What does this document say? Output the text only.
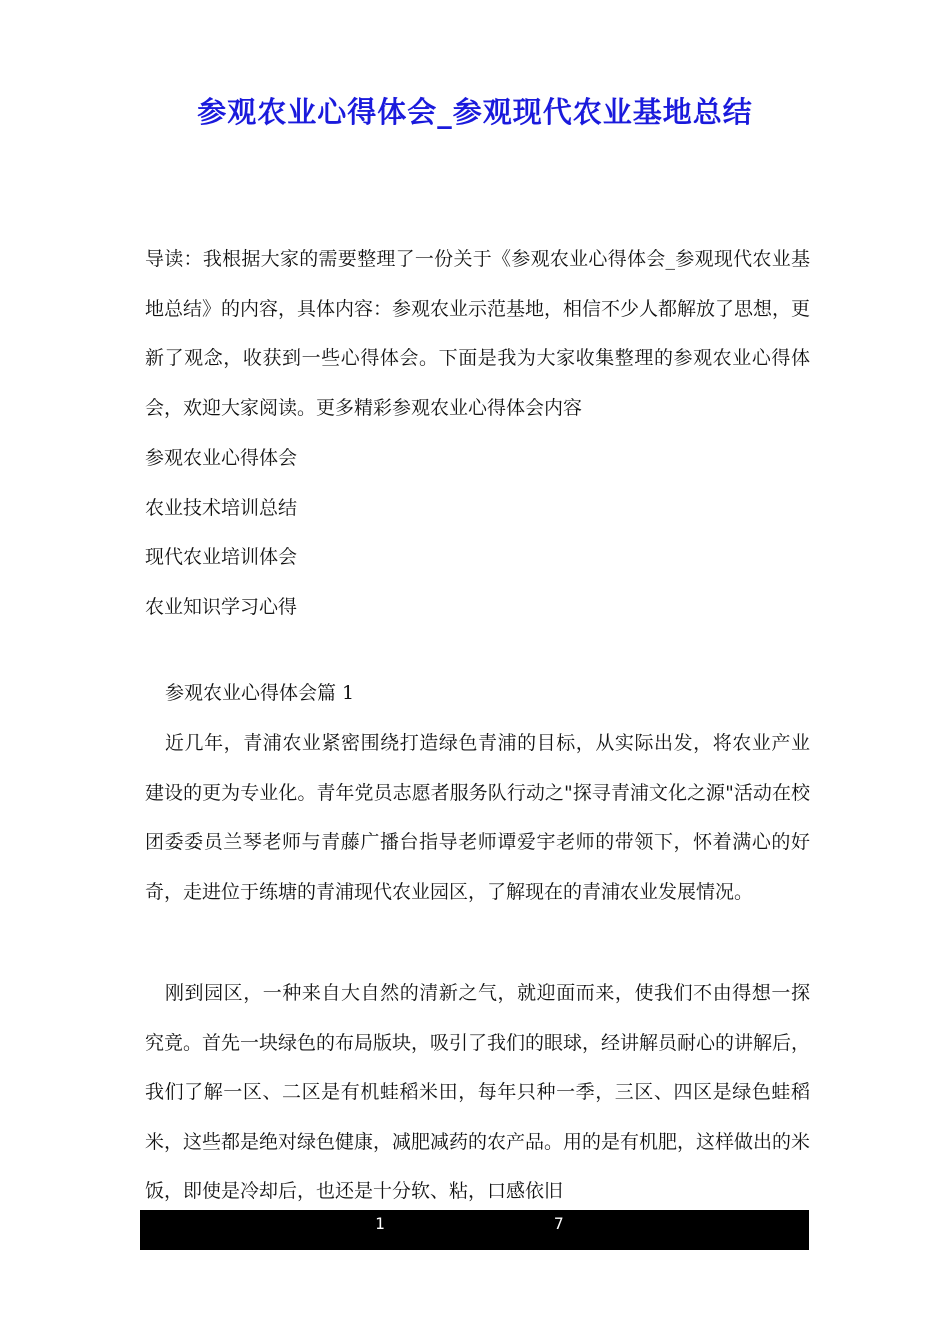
参观农业心得体会_参观现代农业基地总结

导读：我根据大家的需要整理了一份关于《参观农业心得体会_参观现代农业基地总结》的内容，具体内容：参观农业示范基地，相信不少人都解放了思想，更新了观念，收获到一些心得体会。下面是我为大家收集整理的参观农业心得体会，欢迎大家阅读。更多精彩参观农业心得体会内容

参观农业心得体会
农业技术培训总结
现代农业培训体会
农业知识学习心得

参观农业心得体会篇 1

近几年，青浦农业紧密围绕打造绿色青浦的目标，从实际出发，将农业产业建设的更为专业化。青年党员志愿者服务队行动之"探寻青浦文化之源"活动在校团委委员兰琴老师与青藤广播台指导老师谭爱宇老师的带领下，怀着满心的好奇，走进位于练塘的青浦现代农业园区，了解现在的青浦农业发展情况。

刚到园区，一种来自大自然的清新之气，就迎面而来，使我们不由得想一探究竟。首先一块绿色的布局版块，吸引了我们的眼球，经讲解员耐心的讲解后，我们了解一区、二区是有机蛙稻米田，每年只种一季，三区、四区是绿色蛙稻米，这些都是绝对绿色健康，减肥减药的农产品。用的是有机肥，这样做出的米饭，即使是冷却后，也还是十分软、粘，口感依旧

1	7
